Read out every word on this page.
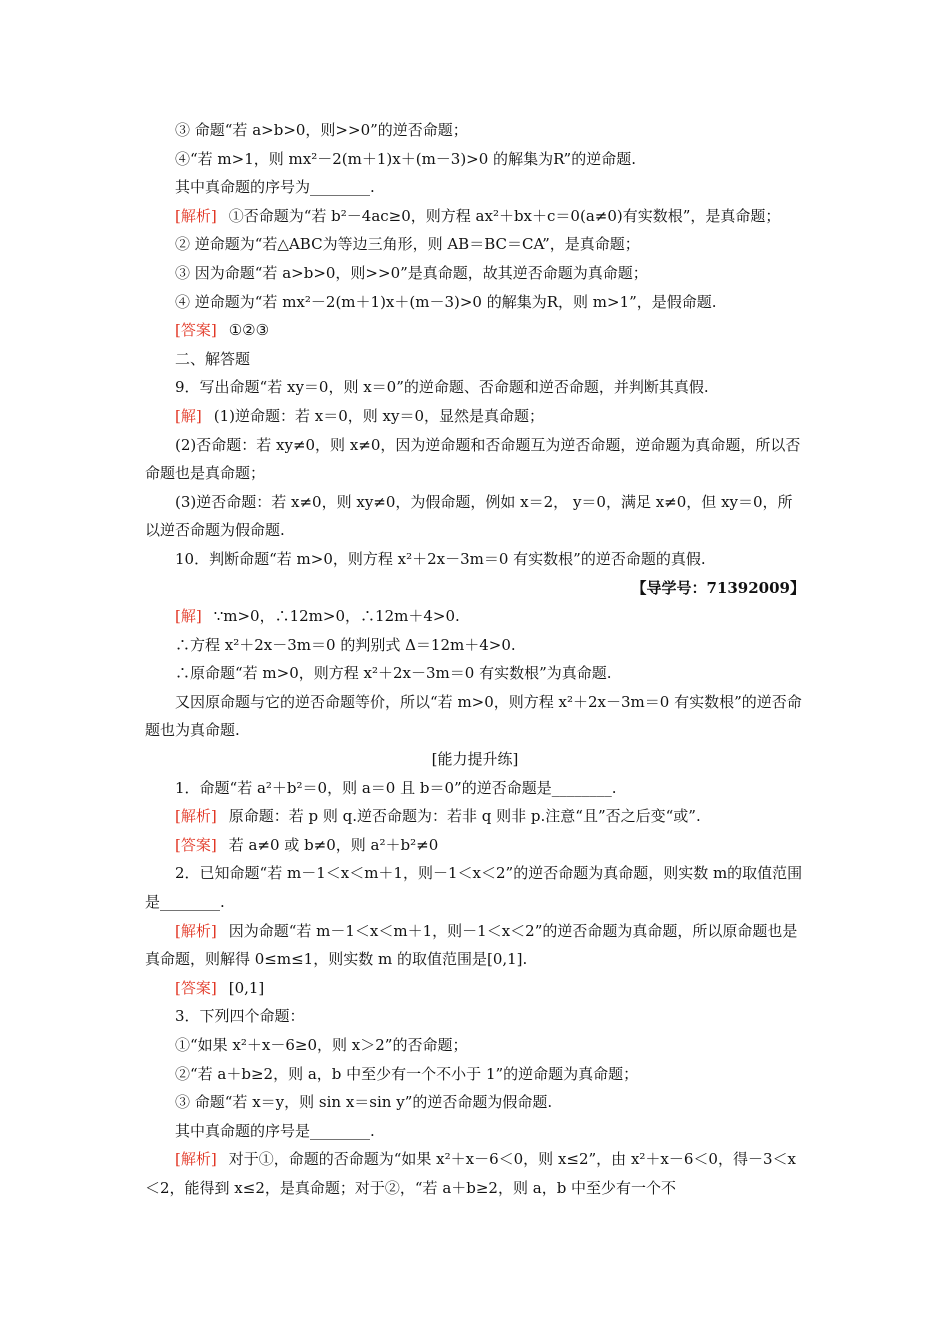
③ 命题“若 a>b>0，则>>0”的逆否命题；

④“若 m>1，则 mx²－2(m＋1)x＋(m－3)>0 的解集为R”的逆命题.

其中真命题的序号为________.

[解析] ①否命题为“若 b²－4ac≥0，则方程 ax²＋bx＋c＝0(a≠0)有实数根”，是真命题；

② 逆命题为“若△ABC为等边三角形，则 AB＝BC＝CA”，是真命题；

③ 因为命题“若 a>b>0，则>>0”是真命题，故其逆否命题为真命题；

④ 逆命题为“若 mx²－2(m＋1)x＋(m－3)>0 的解集为R，则 m>1”，是假命题.

[答案] ①②③

二、解答题

9．写出命题“若 xy＝0，则 x＝0”的逆命题、否命题和逆否命题，并判断其真假.

[解] (1)逆命题：若 x＝0，则 xy＝0，显然是真命题；

(2)否命题：若 xy≠0，则 x≠0，因为逆命题和否命题互为逆否命题，逆命题为真命题，所以否命题也是真命题；

(3)逆否命题：若 x≠0，则 xy≠0，为假命题，例如 x＝2， y＝0，满足 x≠0，但 xy＝0，所以逆否命题为假命题.

10．判断命题“若 m>0，则方程 x²＋2x－3m＝0 有实数根”的逆否命题的真假.

【导学号：71392009】

[解] ∵m>0，∴12m>0，∴12m＋4>0.

∴方程 x²＋2x－3m＝0 的判别式 Δ＝12m＋4>0.

∴原命题“若 m>0，则方程 x²＋2x－3m＝0 有实数根”为真命题.

又因原命题与它的逆否命题等价，所以“若 m>0，则方程 x²＋2x－3m＝0 有实数根”的逆否命题也为真命题.

[能力提升练]

1．命题“若 a²＋b²＝0，则 a＝0 且 b＝0”的逆否命题是________.

[解析] 原命题：若 p 则 q.逆否命题为：若非 q 则非 p.注意“且”否之后变“或”.

[答案] 若 a≠0 或 b≠0，则 a²＋b²≠0

2．已知命题“若 m－1＜x＜m＋1，则－1＜x＜2”的逆否命题为真命题，则实数 m的取值范围是________.

[解析] 因为命题“若 m－1＜x＜m＋1，则－1＜x＜2”的逆否命题为真命题，所以原命题也是真命题，则解得 0≤m≤1，则实数 m 的取值范围是[0,1].

[答案] [0,1]

3．下列四个命题：

①“如果 x²＋x－6≥0，则 x＞2”的否命题；

②“若 a＋b≥2，则 a，b 中至少有一个不小于 1”的逆命题为真命题；

③ 命题“若 x＝y，则 sin x＝sin y”的逆否命题为假命题.

其中真命题的序号是________.

[解析] 对于①，命题的否命题为“如果 x²＋x－6＜0，则 x≤2”，由 x²＋x－6＜0，得－3＜x＜2，能得到 x≤2，是真命题；对于②，“若 a＋b≥2，则 a，b 中至少有一个不
